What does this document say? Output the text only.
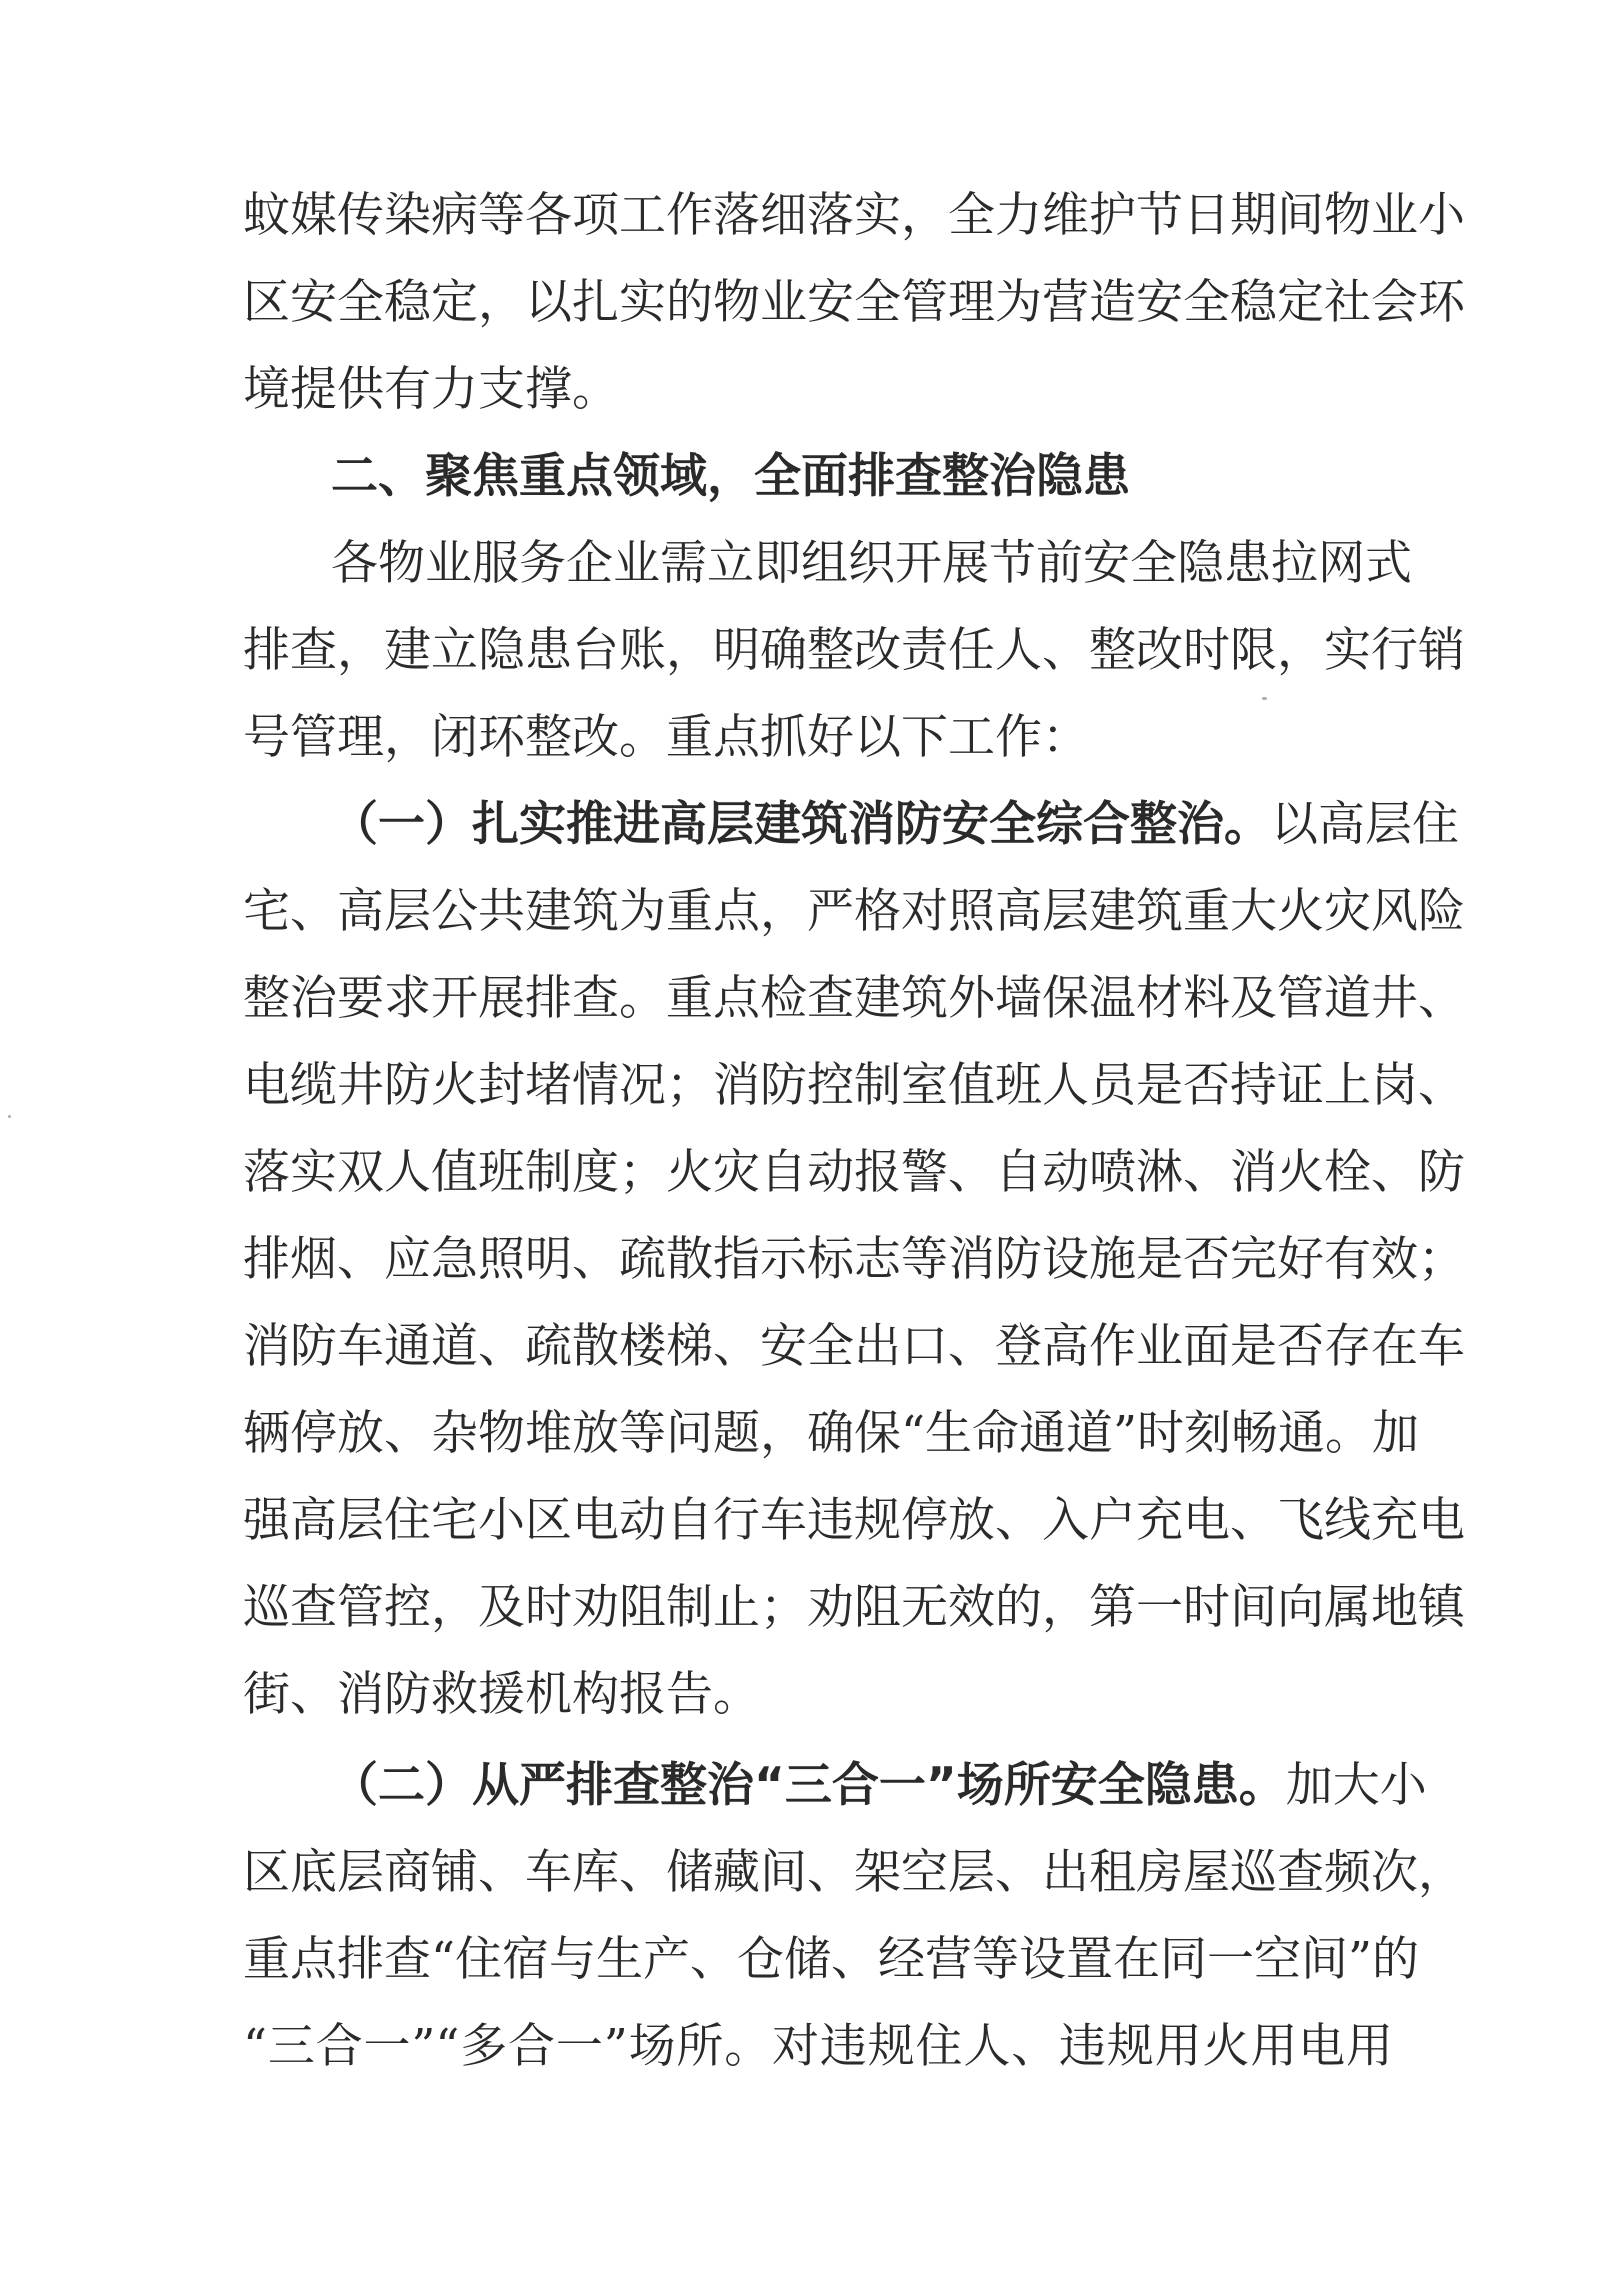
蚊媒传染病等各项工作落细落实，全力维护节日期间物业小
区安全稳定，以扎实的物业安全管理为营造安全稳定社会环
境提供有力支撑。
二、聚焦重点领域，全面排查整治隐患
各物业服务企业需立即组织开展节前安全隐患拉网式
排查，建立隐患台账，明确整改责任人、整改时限，实行销
号管理，闭环整改。重点抓好以下工作：
（一）扎实推进高层建筑消防安全综合整治。以高层住
宅、高层公共建筑为重点，严格对照高层建筑重大火灾风险
整治要求开展排查。重点检查建筑外墙保温材料及管道井、
电缆井防火封堵情况；消防控制室值班人员是否持证上岗、
落实双人值班制度；火灾自动报警、自动喷淋、消火栓、防
排烟、应急照明、疏散指示标志等消防设施是否完好有效；
消防车通道、疏散楼梯、安全出口、登高作业面是否存在车
辆停放、杂物堆放等问题，确保“生命通道”时刻畅通。加
强高层住宅小区电动自行车违规停放、入户充电、飞线充电
巡查管控，及时劝阻制止；劝阻无效的，第一时间向属地镇
街、消防救援机构报告。
（二）从严排查整治“三合一”场所安全隐患。加大小
区底层商铺、车库、储藏间、架空层、出租房屋巡查频次，
重点排查“住宿与生产、仓储、经营等设置在同一空间”的
“三合一”“多合一”场所。对违规住人、违规用火用电用
